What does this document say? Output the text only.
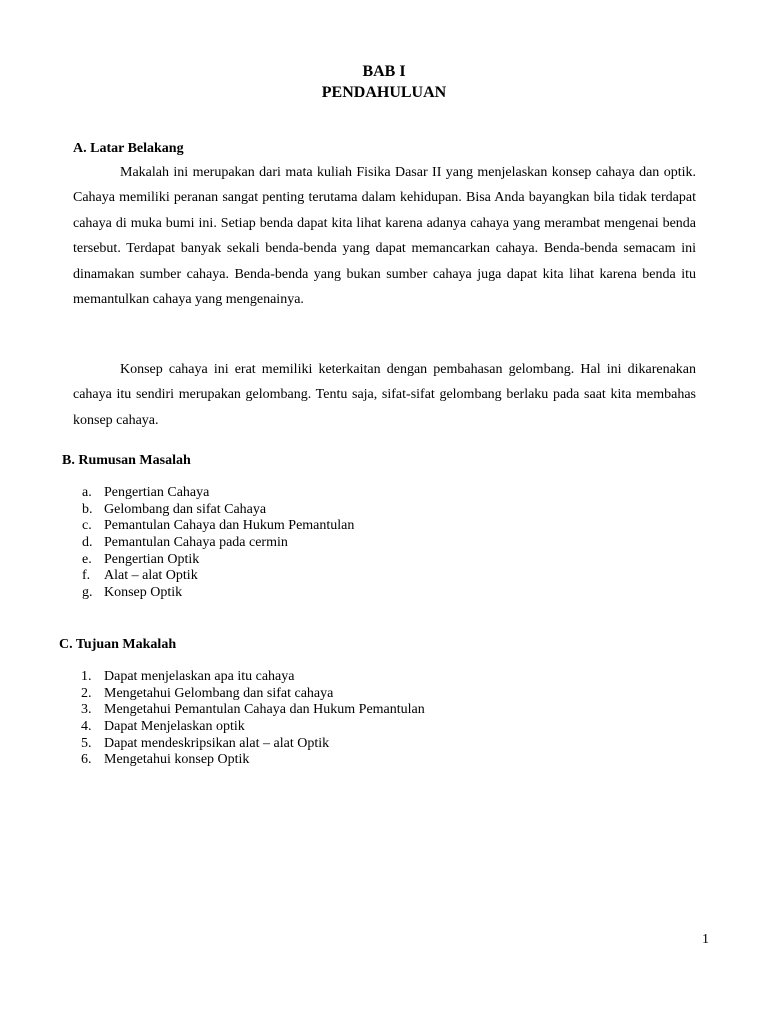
BAB I
PENDAHULUAN
A. Latar Belakang

Makalah ini merupakan dari mata kuliah Fisika Dasar II yang menjelaskan konsep cahaya dan optik. Cahaya memiliki peranan sangat penting terutama dalam kehidupan. Bisa Anda bayangkan bila tidak terdapat cahaya di muka bumi ini. Setiap benda dapat kita lihat karena adanya cahaya yang merambat mengenai benda tersebut. Terdapat banyak sekali benda-benda yang dapat memancarkan cahaya. Benda-benda semacam ini dinamakan sumber cahaya. Benda-benda yang bukan sumber cahaya juga dapat kita lihat karena benda itu memantulkan cahaya yang mengenainya.

Konsep cahaya ini erat memiliki keterkaitan dengan pembahasan gelombang. Hal ini dikarenakan cahaya itu sendiri merupakan gelombang. Tentu saja, sifat-sifat gelombang berlaku pada saat kita membahas konsep cahaya.

B. Rumusan Masalah
a. Pengertian Cahaya
b. Gelombang dan sifat Cahaya
c. Pemantulan Cahaya dan Hukum Pemantulan
d. Pemantulan Cahaya pada cermin
e. Pengertian Optik
f. Alat – alat Optik
g. Konsep Optik
C. Tujuan Makalah
1. Dapat menjelaskan apa itu cahaya
2. Mengetahui Gelombang dan sifat cahaya
3. Mengetahui Pemantulan Cahaya dan Hukum Pemantulan
4. Dapat Menjelaskan optik
5. Dapat mendeskripsikan alat – alat Optik
6. Mengetahui konsep Optik
1
